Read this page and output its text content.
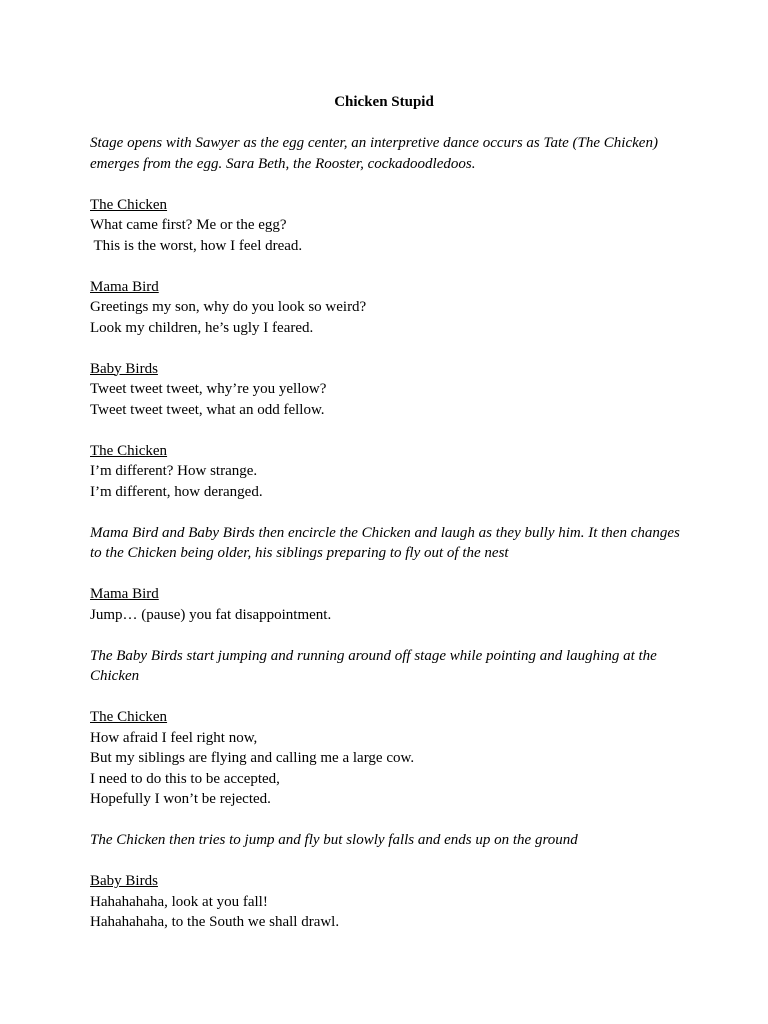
Chicken Stupid
Stage opens with Sawyer as the egg center, an interpretive dance occurs as Tate (The Chicken) emerges from the egg. Sara Beth, the Rooster, cockadoodledoos.
The Chicken
What came first? Me or the egg?
This is the worst, how I feel dread.
Mama Bird
Greetings my son, why do you look so weird?
Look my children, he’s ugly I feared.
Baby Birds
Tweet tweet tweet, why’re you yellow?
Tweet tweet tweet, what an odd fellow.
The Chicken
I’m different? How strange.
I’m different, how deranged.
Mama Bird and Baby Birds then encircle the Chicken and laugh as they bully him. It then changes to the Chicken being older, his siblings preparing to fly out of the nest
Mama Bird
Jump… (pause) you fat disappointment.
The Baby Birds start jumping and running around off stage while pointing and laughing at the Chicken
The Chicken
How afraid I feel right now,
But my siblings are flying and calling me a large cow.
I need to do this to be accepted,
Hopefully I won’t be rejected.
The Chicken then tries to jump and fly but slowly falls and ends up on the ground
Baby Birds
Hahahahaha, look at you fall!
Hahahahaha, to the South we shall drawl.
